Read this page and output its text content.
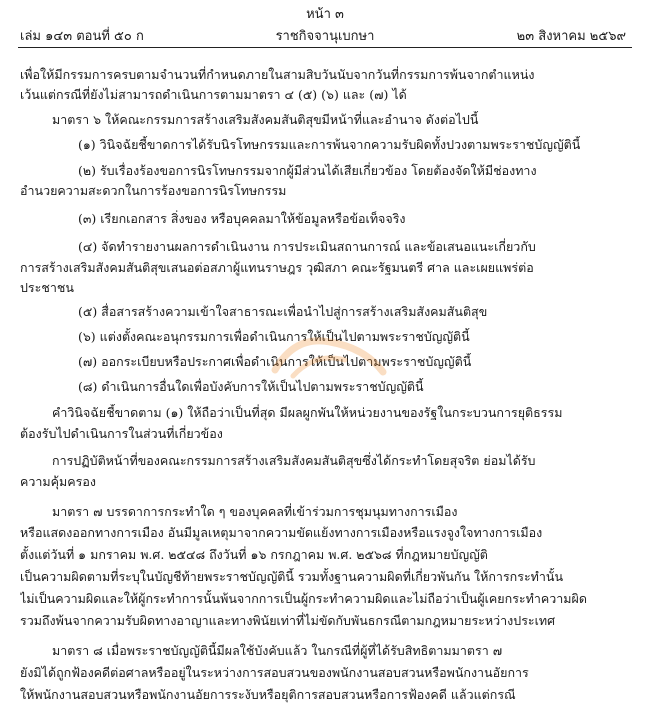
หน้า ๓
เล่ม ๑๔๓ ตอนที่ ๕๐ ก	ราชกิจจานุเบกษา	๒๓ สิงหาคม ๒๕๖๙
เพื่อให้มีกรรมการครบตามจำนวนที่กำหนดภายในสามสิบวันนับจากวันที่กรรมการพ้นจากตำแหน่ง
เว้นแต่กรณีที่ยังไม่สามารถดำเนินการตามมาตรา ๔ (๕) (๖) และ (๗) ได้
มาตรา ๖ ให้คณะกรรมการสร้างเสริมสังคมสันติสุขมีหน้าที่และอำนาจ ดังต่อไปนี้
(๑) วินิจฉัยชี้ขาดการได้รับนิรโทษกรรมและการพ้นจากความรับผิดทั้งปวงตามพระราชบัญญัตินี้
(๒) รับเรื่องร้องขอการนิรโทษกรรมจากผู้มีส่วนได้เสียเกี่ยวข้อง โดยต้องจัดให้มีช่องทาง
อำนวยความสะดวกในการร้องขอการนิรโทษกรรม
(๓) เรียกเอกสาร สิ่งของ หรือบุคคลมาให้ข้อมูลหรือข้อเท็จจริง
(๔) จัดทำรายงานผลการดำเนินงาน การประเมินสถานการณ์ และข้อเสนอแนะเกี่ยวกับ
การสร้างเสริมสังคมสันติสุขเสนอต่อสภาผู้แทนราษฎร วุฒิสภา คณะรัฐมนตรี ศาล และเผยแพร่ต่อ
ประชาชน
(๕) สื่อสารสร้างความเข้าใจสาธารณะเพื่อนำไปสู่การสร้างเสริมสังคมสันติสุข
(๖) แต่งตั้งคณะอนุกรรมการเพื่อดำเนินการให้เป็นไปตามพระราชบัญญัตินี้
(๗) ออกระเบียบหรือประกาศเพื่อดำเนินการให้เป็นไปตามพระราชบัญญัตินี้
(๘) ดำเนินการอื่นใดเพื่อบังคับการให้เป็นไปตามพระราชบัญญัตินี้
คำวินิจฉัยชี้ขาดตาม (๑) ให้ถือว่าเป็นที่สุด มีผลผูกพันให้หน่วยงานของรัฐในกระบวนการยุติธรรม
ต้องรับไปดำเนินการในส่วนที่เกี่ยวข้อง
การปฏิบัติหน้าที่ของคณะกรรมการสร้างเสริมสังคมสันติสุขซึ่งได้กระทำโดยสุจริต ย่อมได้รับ
ความคุ้มครอง
มาตรา ๗ บรรดาการกระทำใด ๆ ของบุคคลที่เข้าร่วมการชุมนุมทางการเมือง
หรือแสดงออกทางการเมือง อันมีมูลเหตุมาจากความขัดแย้งทางการเมืองหรือแรงจูงใจทางการเมือง
ตั้งแต่วันที่ ๑ มกราคม พ.ศ. ๒๕๔๘ ถึงวันที่ ๑๖ กรกฎาคม พ.ศ. ๒๕๖๘ ที่กฎหมายบัญญัติ
เป็นความผิดตามที่ระบุในบัญชีท้ายพระราชบัญญัตินี้ รวมทั้งฐานความผิดที่เกี่ยวพันกัน ให้การกระทำนั้น
ไม่เป็นความผิดและให้ผู้กระทำการนั้นพ้นจากการเป็นผู้กระทำความผิดและไม่ถือว่าเป็นผู้เคยกระทำความผิด
รวมถึงพ้นจากความรับผิดทางอาญาและทางพินัยเท่าที่ไม่ขัดกับพันธกรณีตามกฎหมายระหว่างประเทศ
มาตรา ๘ เมื่อพระราชบัญญัตินี้มีผลใช้บังคับแล้ว ในกรณีที่ผู้ที่ได้รับสิทธิตามมาตรา ๗
ยังมิได้ถูกฟ้องคดีต่อศาลหรืออยู่ในระหว่างการสอบสวนของพนักงานสอบสวนหรือพนักงานอัยการ
ให้พนักงานสอบสวนหรือพนักงานอัยการระงับหรือยุติการสอบสวนหรือการฟ้องคดี แล้วแต่กรณี
